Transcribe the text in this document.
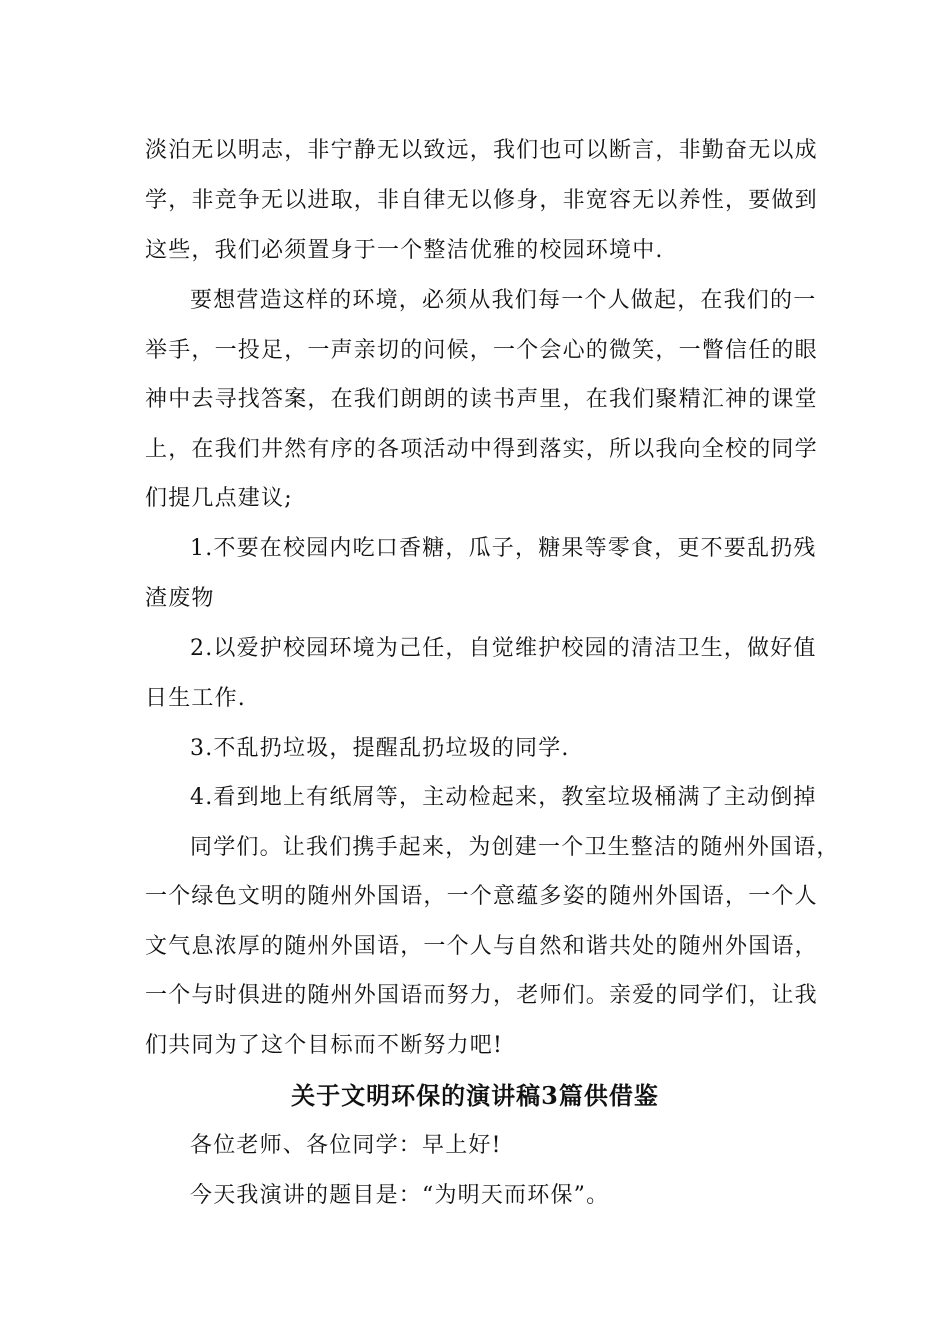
淡泊无以明志，非宁静无以致远，我们也可以断言，非勤奋无以成
学，非竞争无以进取，非自律无以修身，非宽容无以养性，要做到
这些，我们必须置身于一个整洁优雅的校园环境中.
要想营造这样的环境，必须从我们每一个人做起，在我们的一
举手，一投足，一声亲切的问候，一个会心的微笑，一瞥信任的眼
神中去寻找答案，在我们朗朗的读书声里，在我们聚精汇神的课堂
上，在我们井然有序的各项活动中得到落实，所以我向全校的同学
们提几点建议;
1.不要在校园内吃口香糖，瓜子，糖果等零食，更不要乱扔残
渣废物
2.以爱护校园环境为己任，自觉维护校园的清洁卫生，做好值
日生工作.
3.不乱扔垃圾，提醒乱扔垃圾的同学.
4.看到地上有纸屑等，主动检起来，教室垃圾桶满了主动倒掉
同学们。让我们携手起来，为创建一个卫生整洁的随州外国语，
一个绿色文明的随州外国语，一个意蕴多姿的随州外国语，一个人
文气息浓厚的随州外国语，一个人与自然和谐共处的随州外国语，
一个与时俱进的随州外国语而努力，老师们。亲爱的同学们，让我
们共同为了这个目标而不断努力吧!
关于文明环保的演讲稿3篇供借鉴
各位老师、各位同学：早上好!
今天我演讲的题目是：“为明天而环保”。
